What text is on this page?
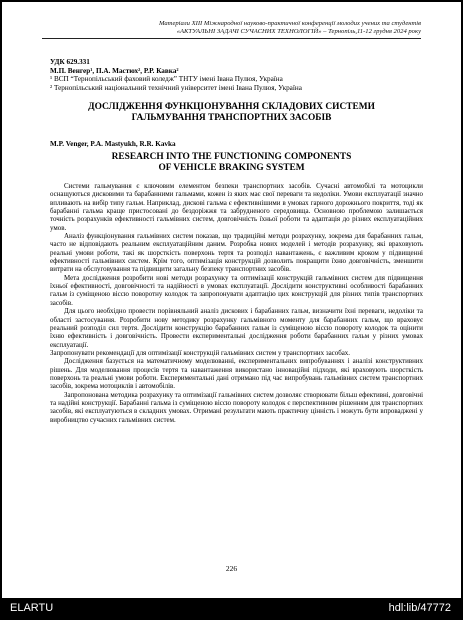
Матеріали XIII Міжнародної науково-практичної конференції молодих учених та студентів
«АКТУАЛЬНІ ЗАДАЧІ СУЧАСНИХ ТЕХНОЛОГІЙ» – Тернопіль,11-12 грудня 2024 року
УДК 629.331
М.П. Венгер¹, П.А. Мастюх², Р.Р. Кавка²
¹ ВСП “Тернопільський фаховий коледж” ТНТУ імені Івана Пулюя, Україна
² Тернопільський національний технічний університет імені Івана Пулюя, Україна
ДОСЛІДЖЕННЯ ФУНКЦІОНУВАННЯ СКЛАДОВИХ СИСТЕМИ
ГАЛЬМУВАННЯ ТРАНСПОРТНИХ ЗАСОБІВ
M.P. Venger, P.A. Mastyukh, R.R. Kavka
RESEARCH INTO THE FUNCTIONING COMPONENTS
OF VEHICLE BRAKING SYSTEM

Системи гальмування є ключовим елементом безпеки транспортних засобів. Сучасні автомобілі та мотоцикли оснащуються дисковими та барабанними гальмами, кожен із яких має свої переваги та недоліки. Умови експлуатації значно впливають на вибір типу гальм. Наприклад, дискові гальма є ефективнішими в умовах гарного дорожнього покриття, тоді як барабанні гальма краще пристосовані до бездоріжжя та забрудненого середовища. Основною проблемою залишається точність розрахунків ефективності гальмівних систем, довговічність їхньої роботи та адаптація до різних експлуатаційних умов.

Аналіз функціонування гальмівних систем показав, що традиційні методи розрахунку, зокрема для барабанних гальм, часто не відповідають реальним експлуатаційним даним. Розробка нових моделей і методів розрахунку, які враховують реальні умови роботи, такі як шорсткість поверхонь тертя та розподіл навантажень, є важливим кроком у підвищенні ефективності гальмівних систем. Крім того, оптимізація конструкцій дозволить покращити їхню довговічність, зменшити витрати на обслуговування та підвищити загальну безпеку транспортних засобів.

Мета дослідження розробити нові методи розрахунку та оптимізації конструкцій гальмівних систем для підвищення їхньої ефективності, довговічності та надійності в умовах експлуатації. Дослідити конструктивні особливості барабанних гальм із суміщеною віссю поворотну колодок та запропонувати адаптацію цих конструкцій для різних типів транспортних засобів.

Для цього необхідно провести порівняльний аналіз дискових і барабанних гальм, визначити їхні переваги, недоліки та області застосування. Розробити нову методику розрахунку гальмівного моменту для барабанних гальм, що враховує реальний розподіл сил тертя. Дослідити конструкцію барабанних гальм із суміщеною віссю повороту колодок та оцінити їхню ефективність і довговічність. Провести експериментальні дослідження роботи барабанних гальм у різних умовах експлуатації.

Запропонувати рекомендації для оптимізації конструкцій гальмівних систем у транспортних засобах.

Дослідження базується на математичному моделюванні, експериментальних випробуваннях і аналізі конструктивних рішень. Для моделювання процесів тертя та навантаження використано інноваційні підходи, які враховують шорсткість поверхонь та реальні умови роботи. Експериментальні дані отримано під час випробувань гальмівних систем транспортних засобів, зокрема мотоциклів і автомобілів.

Запропонована методика розрахунку та оптимізації гальмівних систем дозволяє створювати більш ефективні, довговічні та надійні конструкції. Барабанні гальма із суміщеною віссю повороту колодок є перспективним рішенням для транспортних засобів, які експлуатуються в складних умовах. Отримані результати мають практичну цінність і можуть бути впроваджені у виробництво сучасних гальмівних систем.

226
ELARTU	hdl:lib/47772
